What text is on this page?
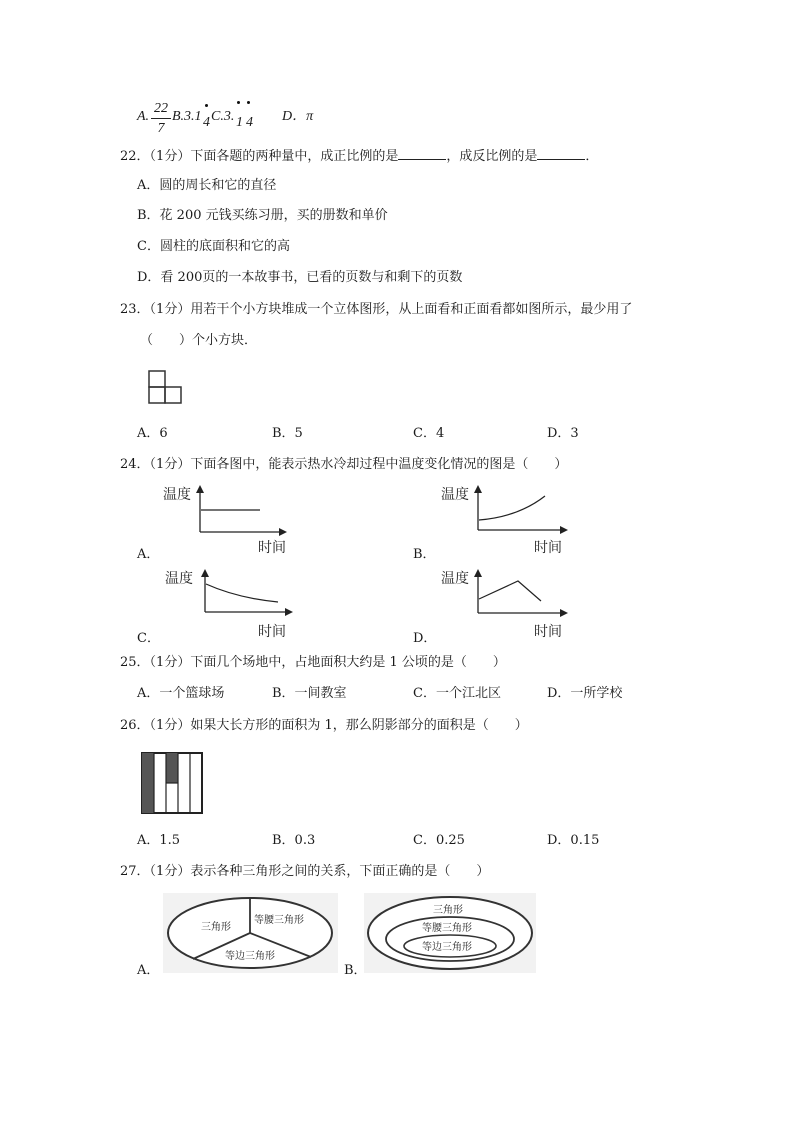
A.
22
7
B.3.1 4 C.3. 1 4 D．π
22．（1分）下面各题的两种量中，成正比例的是	，成反比例的是	．
A．圆的周长和它的直径
B．花 200 元钱买练习册，买的册数和单价
C．圆柱的底面积和它的高
D．看 200页的一本故事书，已看的页数与和剩下的页数
23．（1分）用若干个小方块堆成一个立体图形，从上面看和正面看都如图所示，最少用了
（　　）个小方块．
A．6	B．5	C．4	D．3
24．（1分）下面各图中，能表示热水冷却过程中温度变化情况的图是（　　）
温度
时间
A．
温度
时间
B．
温度
时间
C．
温度
时间
D．
25．（1分）下面几个场地中，占地面积大约是 1 公顷的是（　　）
A．一个篮球场	B．一间教室	C．一个江北区	D．一所学校
26．（1分）如果大长方形的面积为 1，那么阴影部分的面积是（　　）
A．1.5	B．0.3	C．0.25	D．0.15
27．（1分）表示各种三角形之间的关系，下面正确的是（　　）
三角形
等腰三角形
等边三角形
A．
三角形
等腰三角形
等边三角形
B．
